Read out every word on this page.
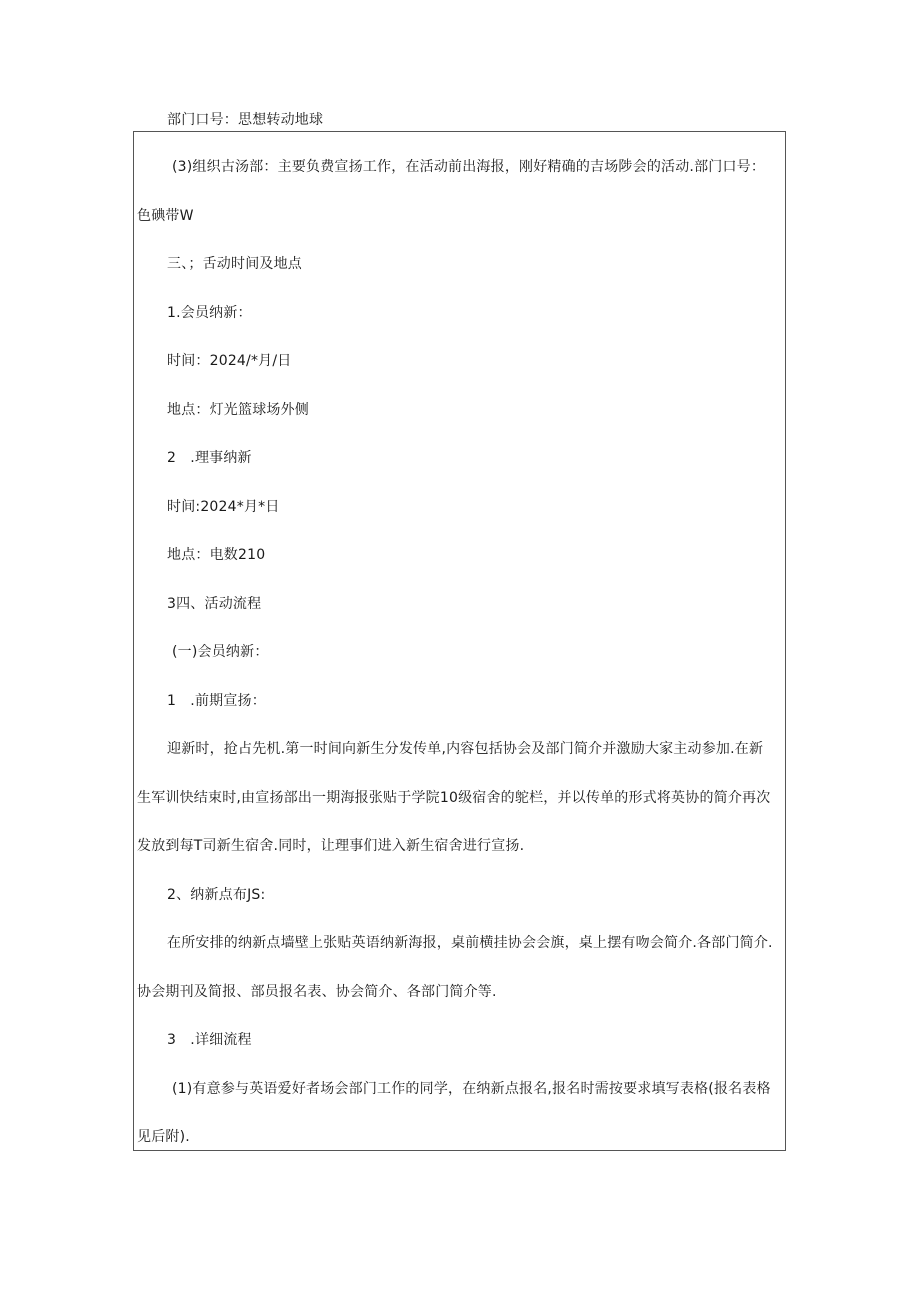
部门口号：思想转动地球
(3)组织古汤部：主要负费宣扬工作，在活动前出海报，刚好精确的吉场陟会的活动.部门口号：
色碘带W
三、；舌动时间及地点
1.会员纳新：
时间：2024/*月/日
地点：灯光篮球场外侧
2　.理事纳新
时间:2024*月*日
地点：电数210
3四、活动流程
(一)会员纳新：
1　.前期宣扬：
迎新时，抢占先机.第一时间向新生分发传单,内容包括协会及部门简介并激励大家主动参加.在新
生军训快结束时,由宣扬部出一期海报张贴于学院10级宿舍的鸵栏，并以传单的形式将英协的简介再次
发放到每T司新生宿舍.同时，让理事们进入新生宿舍进行宣扬.
2、纳新点布JS:
在所安排的纳新点墙壁上张贴英语纳新海报，桌前横挂协会会旗，桌上摆有吻会简介.各部门简介.
协会期刊及简报、部员报名表、协会简介、各部门简介等.
3　.详细流程
(1)有意参与英语爱好者场会部门工作的同学，在纳新点报名,报名时需按要求填写表格(报名表格
见后附).
